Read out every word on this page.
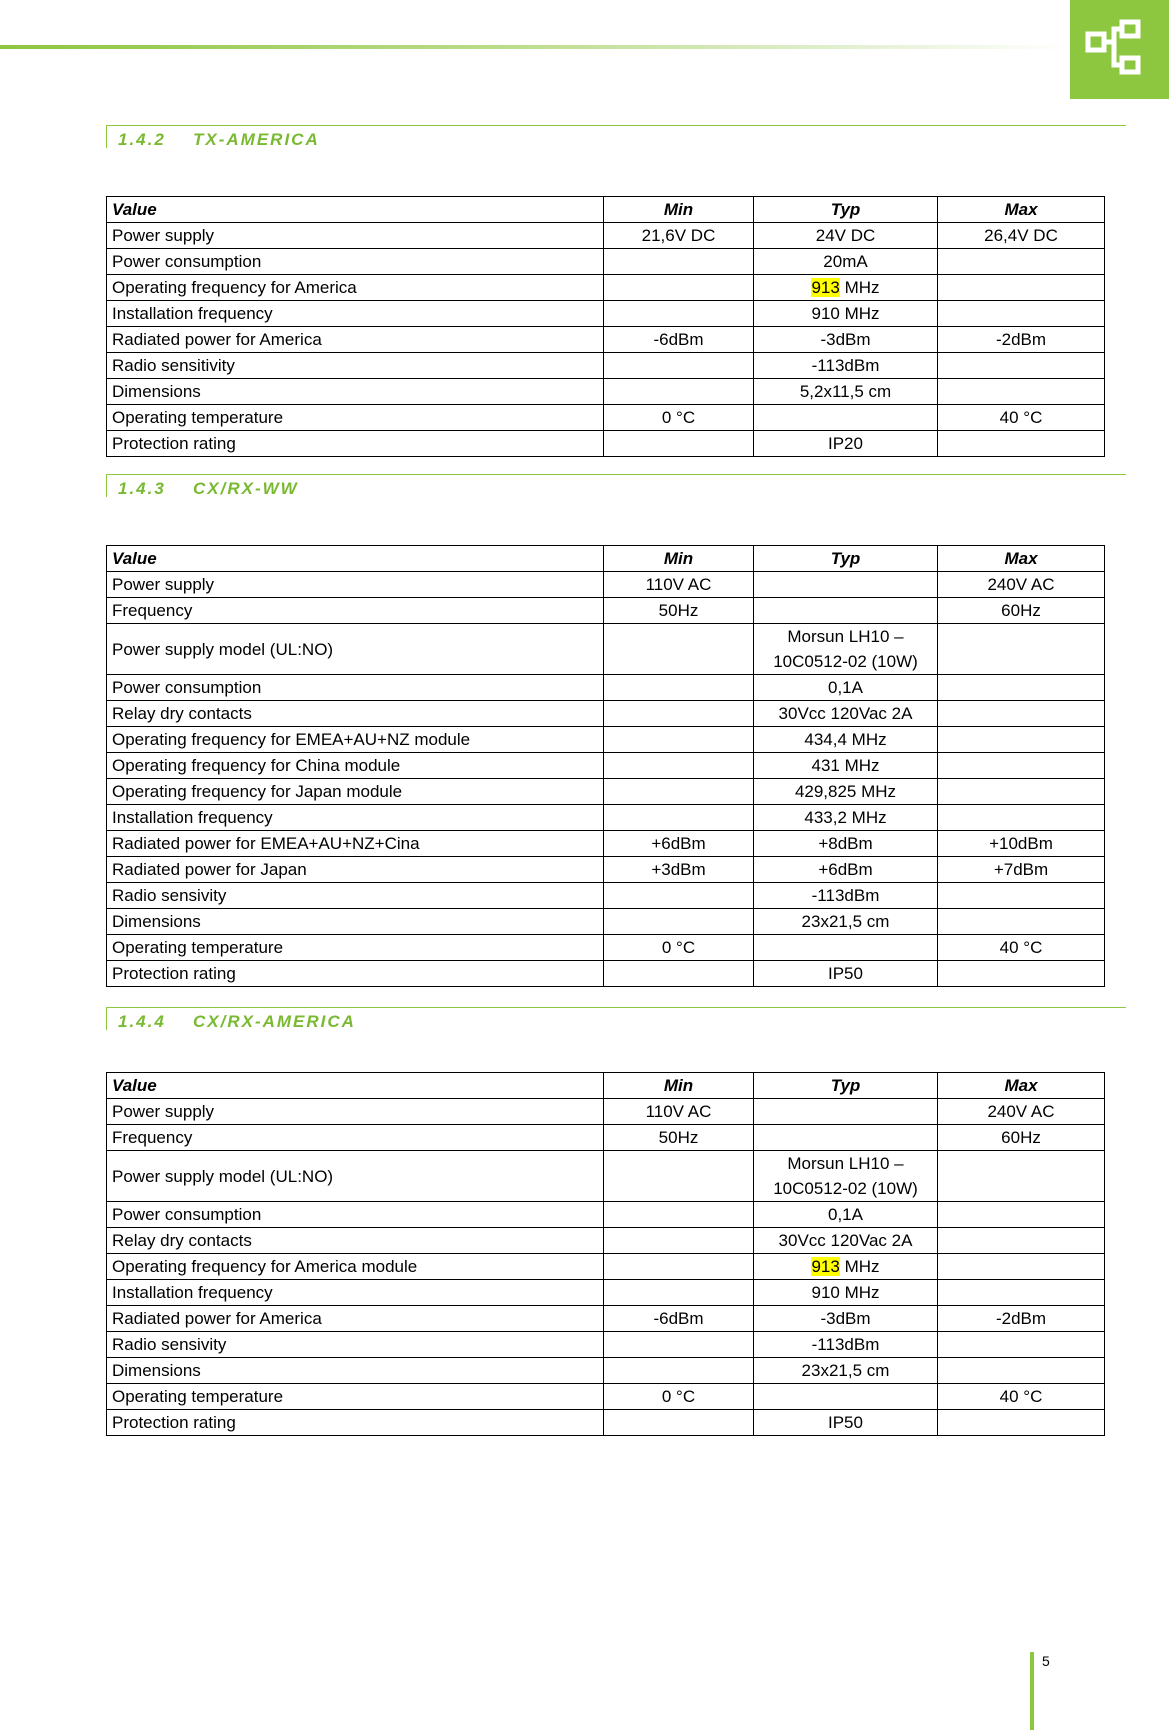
1.4.2 TX-AMERICA
Value	Min	Typ	Max
Power supply	21,6V DC	24V DC	26,4V DC
Power consumption		20mA	
Operating frequency for America		913 MHz	
Installation frequency		910 MHz	
Radiated power for America	-6dBm	-3dBm	-2dBm
Radio sensitivity		-113dBm	
Dimensions		5,2x11,5 cm	
Operating temperature	0 °C		40 °C
Protection rating		IP20	
1.4.3 CX/RX-WW
Value	Min	Typ	Max
Power supply	110V AC		240V AC
Frequency	50Hz		60Hz
Power supply model (UL:NO)		Morsun LH10 –
10C0512-02 (10W)	
Power consumption		0,1A	
Relay dry contacts		30Vcc 120Vac 2A	
Operating frequency for EMEA+AU+NZ module		434,4 MHz	
Operating frequency for China module		431 MHz	
Operating frequency for Japan module		429,825 MHz	
Installation frequency		433,2 MHz	
Radiated power for EMEA+AU+NZ+Cina	+6dBm	+8dBm	+10dBm
Radiated power for Japan	+3dBm	+6dBm	+7dBm
Radio sensivity		-113dBm	
Dimensions		23x21,5 cm	
Operating temperature	0 °C		40 °C
Protection rating		IP50	
1.4.4 CX/RX-AMERICA
Value	Min	Typ	Max
Power supply	110V AC		240V AC
Frequency	50Hz		60Hz
Power supply model (UL:NO)		Morsun LH10 –
10C0512-02 (10W)	
Power consumption		0,1A	
Relay dry contacts		30Vcc 120Vac 2A	
Operating frequency for America module		913 MHz	
Installation frequency		910 MHz	
Radiated power for America	-6dBm	-3dBm	-2dBm
Radio sensivity		-113dBm	
Dimensions		23x21,5 cm	
Operating temperature	0 °C		40 °C
Protection rating		IP50	
5
